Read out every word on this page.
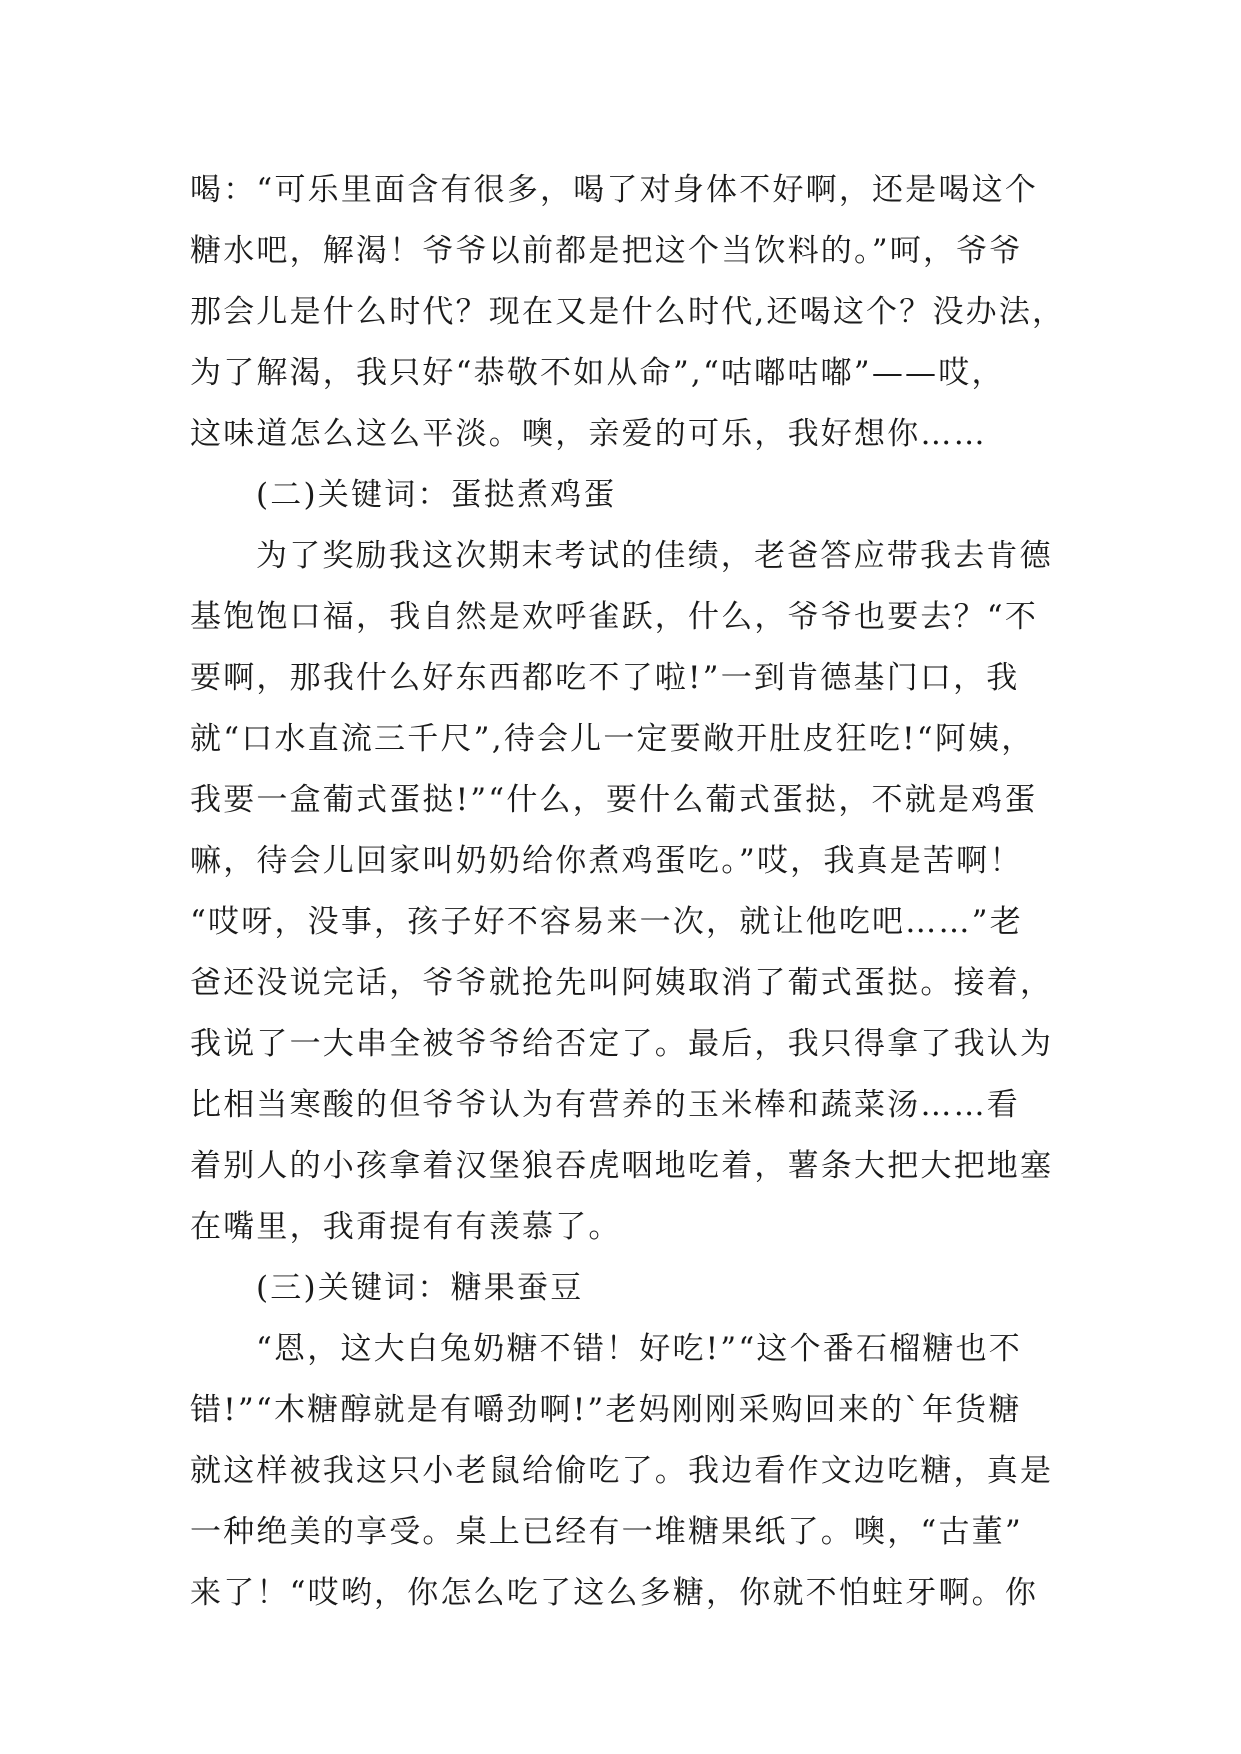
喝：“可乐里面含有很多，喝了对身体不好啊，还是喝这个
糖水吧，解渴！爷爷以前都是把这个当饮料的。”呵，爷爷
那会儿是什么时代？现在又是什么时代,还喝这个？没办法，
为了解渴，我只好“恭敬不如从命”,“咕嘟咕嘟”——哎，
这味道怎么这么平淡。噢，亲爱的可乐，我好想你……
(二)关键词：蛋挞煮鸡蛋
为了奖励我这次期末考试的佳绩，老爸答应带我去肯德
基饱饱口福，我自然是欢呼雀跃，什么，爷爷也要去？“不
要啊，那我什么好东西都吃不了啦!”一到肯德基门口，我
就“口水直流三千尺”,待会儿一定要敞开肚皮狂吃!“阿姨，
我要一盒葡式蛋挞!”“什么，要什么葡式蛋挞，不就是鸡蛋
嘛，待会儿回家叫奶奶给你煮鸡蛋吃。”哎，我真是苦啊！
“哎呀，没事，孩子好不容易来一次，就让他吃吧……”老
爸还没说完话，爷爷就抢先叫阿姨取消了葡式蛋挞。接着，
我说了一大串全被爷爷给否定了。最后，我只得拿了我认为
比相当寒酸的但爷爷认为有营养的玉米棒和蔬菜汤……看
着别人的小孩拿着汉堡狼吞虎咽地吃着，薯条大把大把地塞
在嘴里，我甭提有有羡慕了。
(三)关键词：糖果蚕豆
“恩，这大白兔奶糖不错！好吃!”“这个番石榴糖也不
错!”“木糖醇就是有嚼劲啊!”老妈刚刚采购回来的`年货糖
就这样被我这只小老鼠给偷吃了。我边看作文边吃糖，真是
一种绝美的享受。桌上已经有一堆糖果纸了。噢，“古董”
来了！“哎哟，你怎么吃了这么多糖，你就不怕蛀牙啊。你
